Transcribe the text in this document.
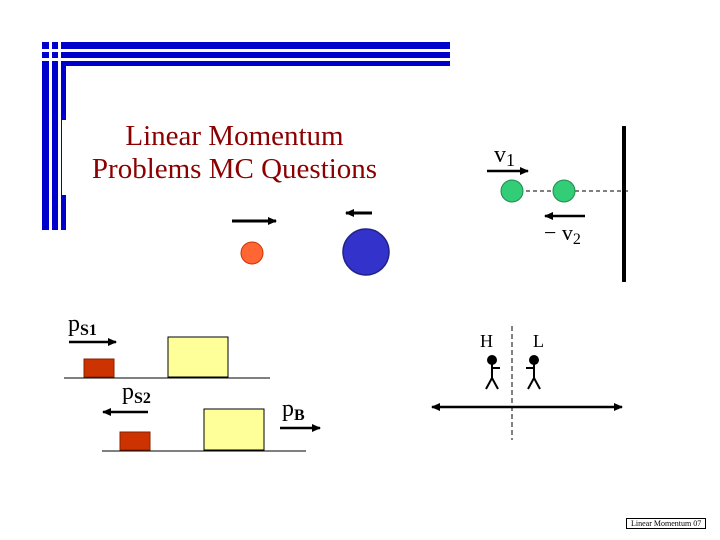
Linear Momentum
Problems MC Questions	v1
− v2
pS1
pS2	pB
H L
Linear Momentum 07
